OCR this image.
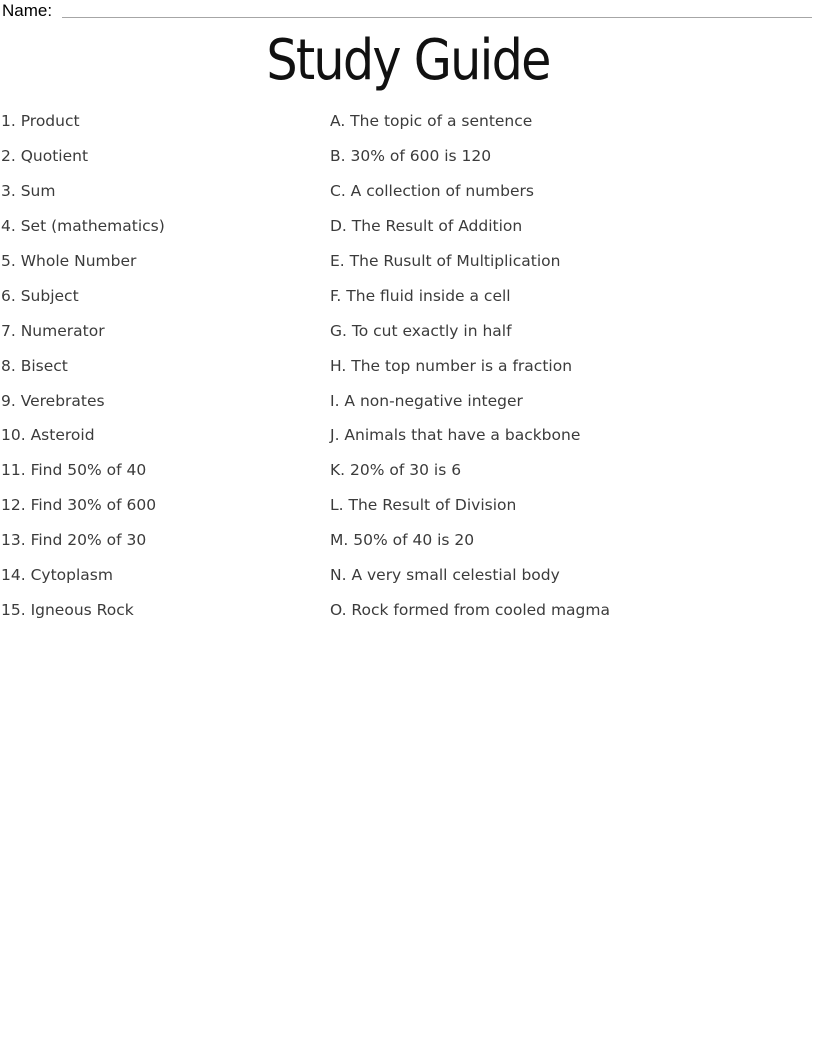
Name:
Study Guide
1. Product	A. The topic of a sentence
2. Quotient	B. 30% of 600 is 120
3. Sum	C. A collection of numbers
4. Set (mathematics)	D. The Result of Addition
5. Whole Number	E. The Rusult of Multiplication
6. Subject	F. The fluid inside a cell
7. Numerator	G. To cut exactly in half
8. Bisect	H. The top number is a fraction
9. Verebrates	I. A non-negative integer
10. Asteroid	J. Animals that have a backbone
11. Find 50% of 40	K. 20% of 30 is 6
12. Find 30% of 600	L. The Result of Division
13. Find 20% of 30	M. 50% of 40 is 20
14. Cytoplasm	N. A very small celestial body
15. Igneous Rock	O. Rock formed from cooled magma
